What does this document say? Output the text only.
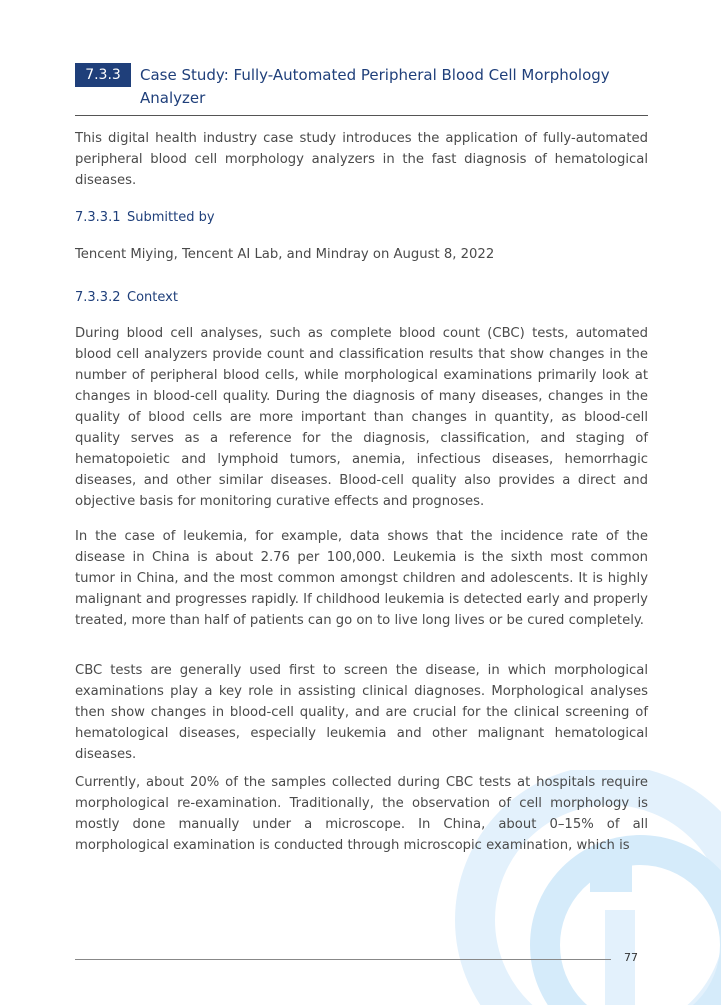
7.3.3	Case Study: Fully-Automated Peripheral Blood Cell Morphology Analyzer

This digital health industry case study introduces the application of fully-automated peripheral blood cell morphology analyzers in the fast diagnosis of hematological diseases.

7.3.3.1 Submitted by

Tencent Miying, Tencent AI Lab, and Mindray on August 8, 2022

7.3.3.2 Context

During blood cell analyses, such as complete blood count (CBC) tests, automated blood cell analyzers provide count and classification results that show changes in the number of peripheral blood cells, while morphological examinations primarily look at changes in blood-cell quality. During the diagnosis of many diseases, changes in the quality of blood cells are more important than changes in quantity, as blood-cell quality serves as a reference for the diagnosis, classification, and staging of hematopoietic and lymphoid tumors, anemia, infectious diseases, hemorrhagic diseases, and other similar diseases. Blood-cell quality also provides a direct and objective basis for monitoring curative effects and prognoses.

In the case of leukemia, for example, data shows that the incidence rate of the disease in China is about 2.76 per 100,000. Leukemia is the sixth most common tumor in China, and the most common amongst children and adolescents. It is highly malignant and progresses rapidly. If childhood leukemia is detected early and properly treated, more than half of patients can go on to live long lives or be cured completely.

CBC tests are generally used first to screen the disease, in which morphological examinations play a key role in assisting clinical diagnoses. Morphological analyses then show changes in blood-cell quality, and are crucial for the clinical screening of hematological diseases, especially leukemia and other malignant hematological diseases.

Currently, about 20% of the samples collected during CBC tests at hospitals require morphological re-examination. Traditionally, the observation of cell morphology is mostly done manually under a microscope. In China, about 0–15% of all morphological examination is conducted through microscopic examination, which is

77
